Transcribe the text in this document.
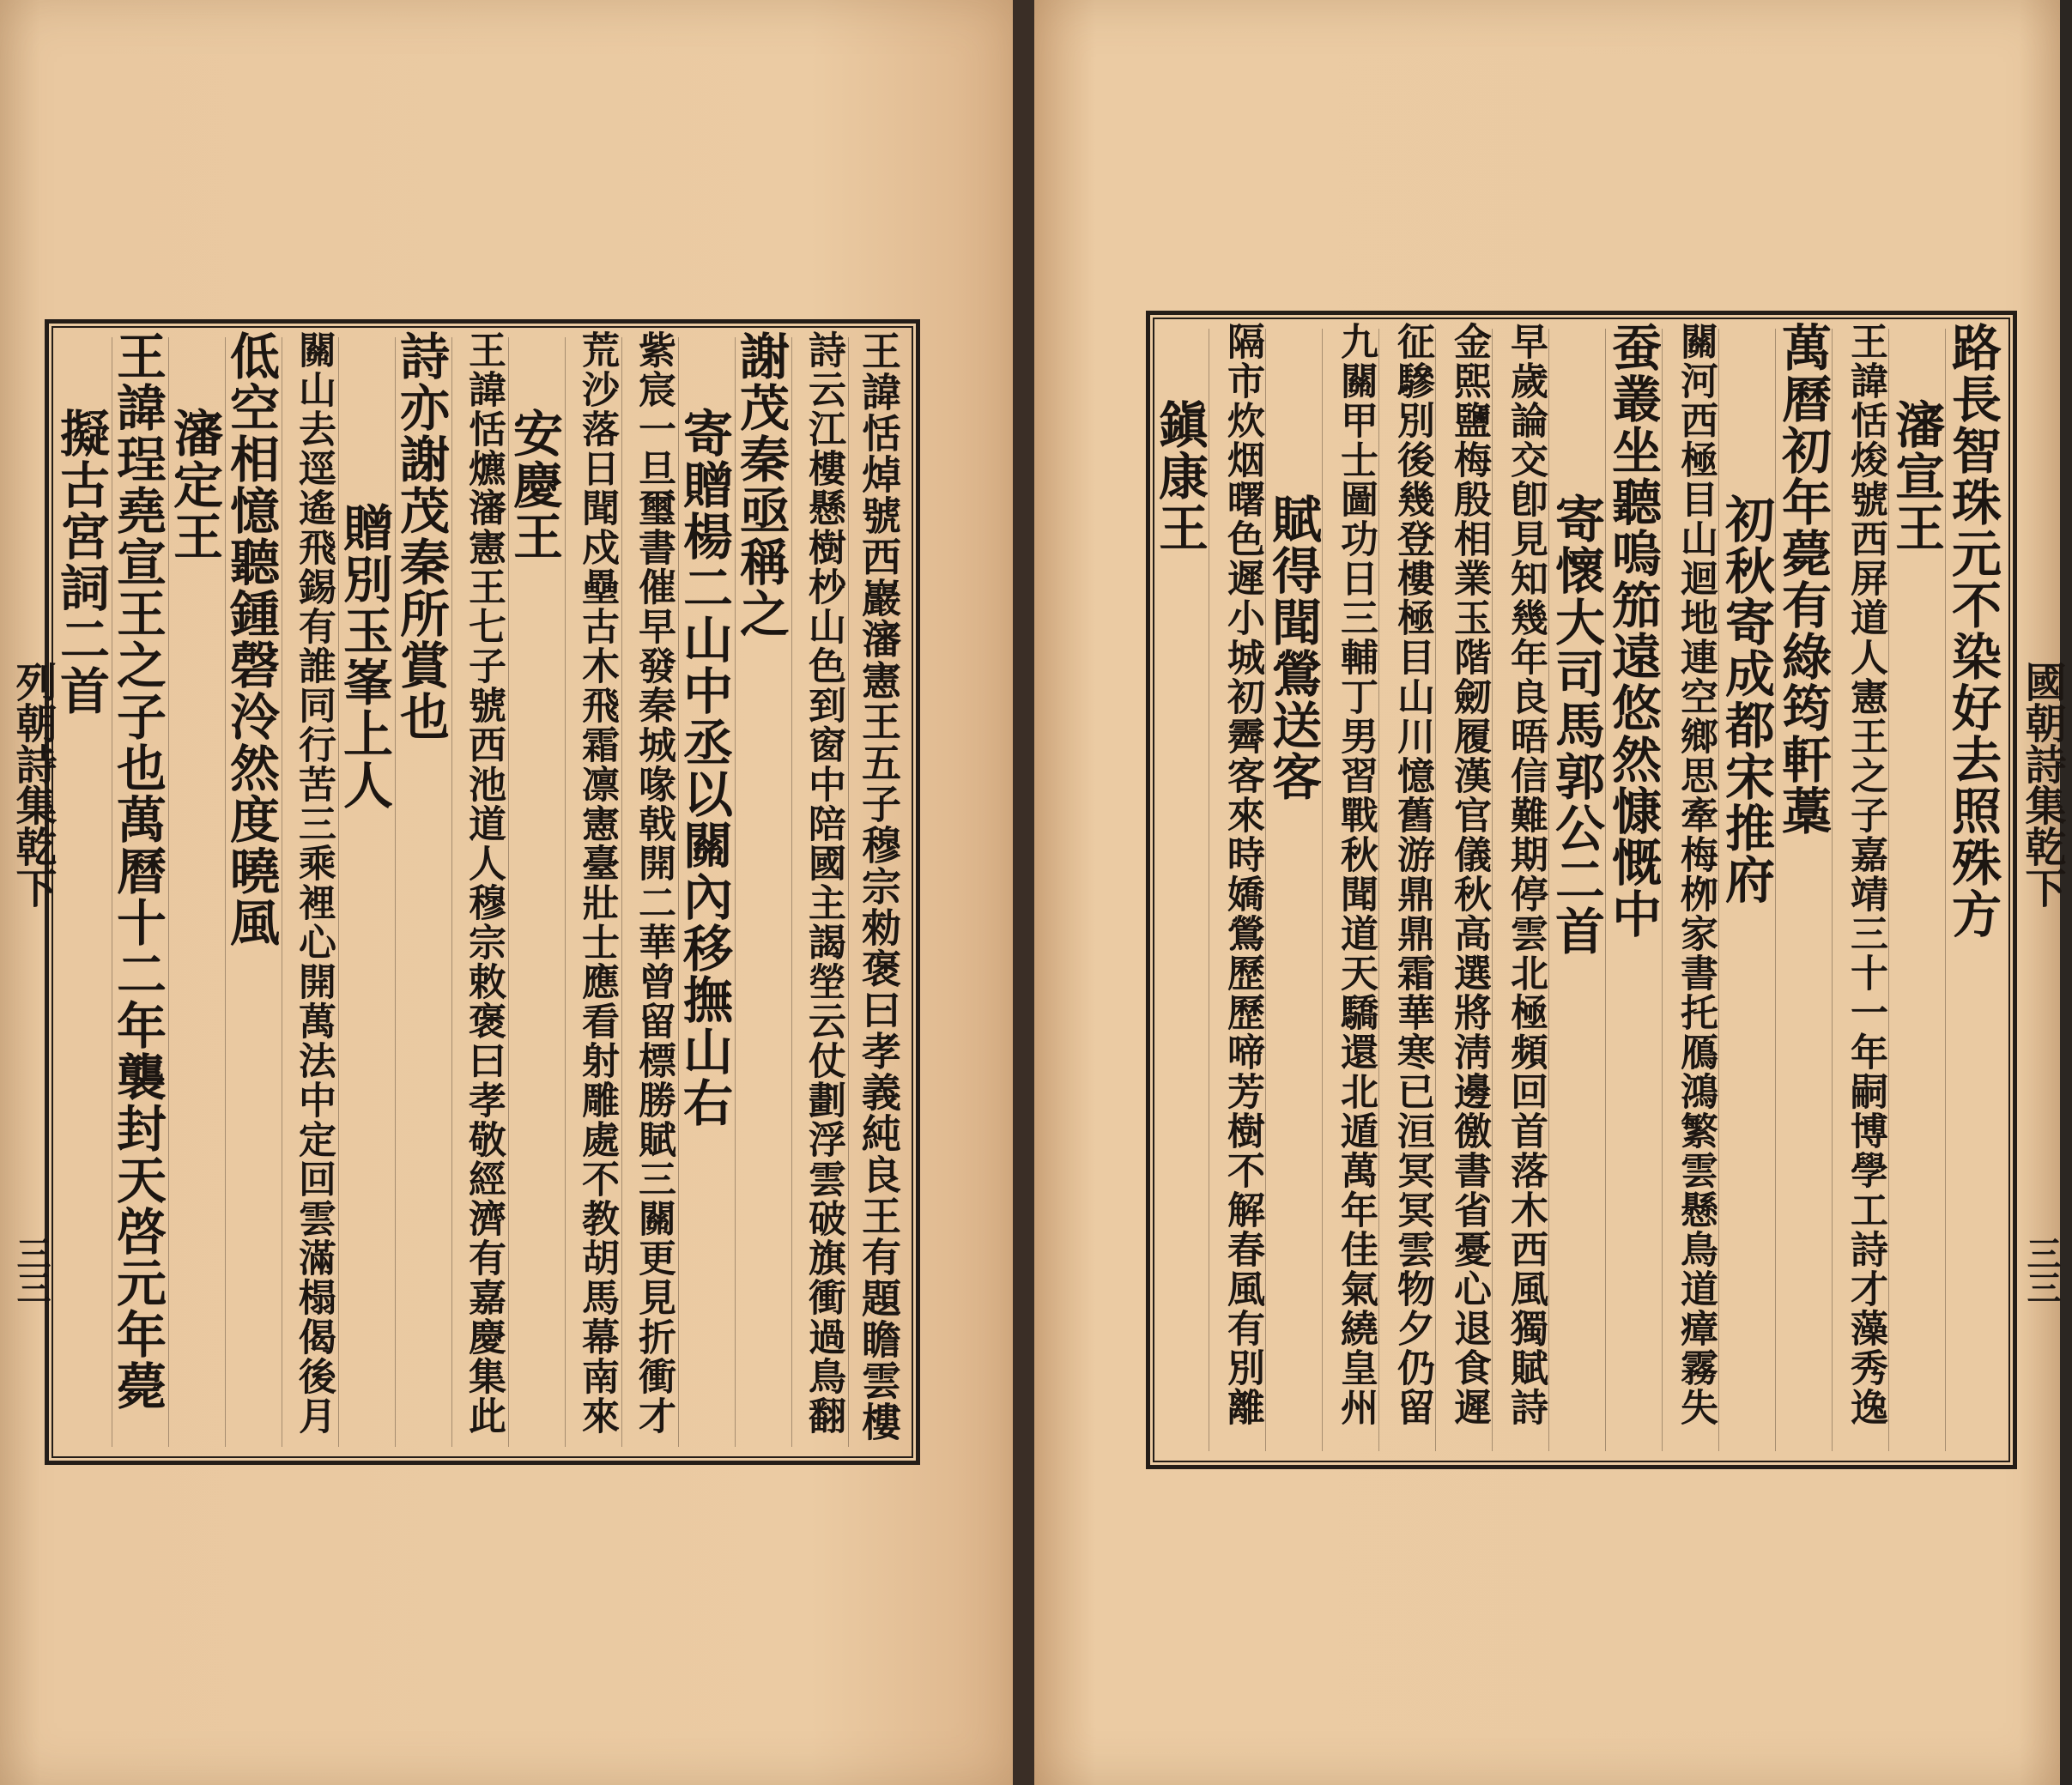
王諱恬焯號西巖瀋憲王五子穆宗勑褒曰孝義純良王有題瞻雲樓
詩云江樓懸樹杪山色到窗中陪國主謁塋云仗劃浮雲破旗衝過鳥翻
謝茂秦亟稱之
寄贈楊二山中丞以關內移撫山右
紫宸一旦璽書催早發秦城喙戟開二華曾留標勝賦三關更見折衝才
荒沙落日聞戍壘古木飛霜凛憲臺壯士應看射雕處不教胡馬幕南來
安慶王
王諱恬爊瀋憲王七子號西池道人穆宗敕褒曰孝敬經濟有嘉慶集此
詩亦謝茂秦所賞也
贈別玉峯上人
關山去逕遙飛錫有誰同行苦三乘裡心開萬法中定回雲滿榻偈後月
低空相憶聽鍾磬泠然度曉風
瀋定王
王諱珵堯宣王之子也萬曆十二年襲封天啓元年薨
擬古宮詞二首
列朝詩集乾下
三三
路長智珠元不染好去照殊方
瀋宣王
王諱恬焌號西屏道人憲王之子嘉靖三十一年嗣博學工詩才藻秀逸
萬曆初年薨有綠筠軒藁
初秋寄成都宋推府
關河西極目山迴地連空鄉思牽梅栁家書托鴈鴻繁雲懸鳥道瘴霧失
蚕叢坐聽嗚笳遠悠然慷慨中
寄懷大司馬郭公二首
早歲論交卽見知幾年良晤信難期停雲北極頻回首落木西風獨賦詩
金𤋮鹽梅殷相業玉階劒履漢官儀秋高選將淸邊徼書省憂心退食遲
征驂別後幾登樓極目山川憶舊游鼎鼎霜華寒已洹冥冥雲物夕仍留
九關甲士圖功日三輔丁男習戰秋聞道天驕還北遁萬年佳氣繞皇州
賦得聞鶯送客
隔市炊烟曙色遲小城初霽客來時嬌鶯歷歷啼芳樹不解春風有別離
鎭康王
國朝詩集乾下
三三
